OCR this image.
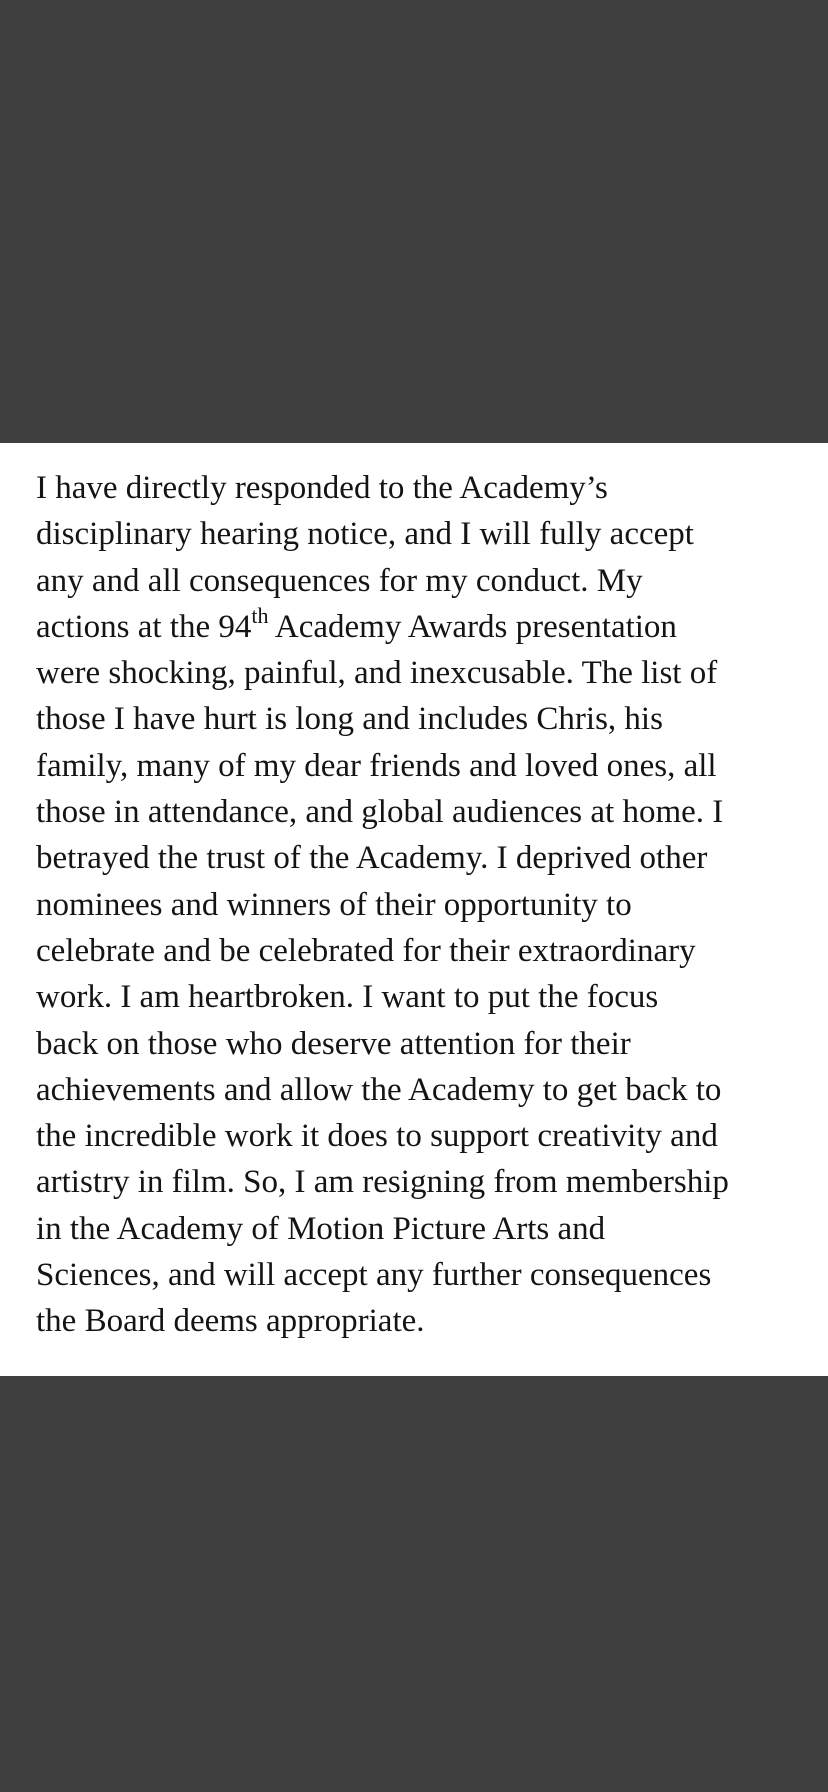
I have directly responded to the Academy’s
disciplinary hearing notice, and I will fully accept
any and all consequences for my conduct. My
actions at the 94th Academy Awards presentation
were shocking, painful, and inexcusable. The list of
those I have hurt is long and includes Chris, his
family, many of my dear friends and loved ones, all
those in attendance, and global audiences at home. I
betrayed the trust of the Academy. I deprived other
nominees and winners of their opportunity to
celebrate and be celebrated for their extraordinary
work. I am heartbroken. I want to put the focus
back on those who deserve attention for their
achievements and allow the Academy to get back to
the incredible work it does to support creativity and
artistry in film. So, I am resigning from membership
in the Academy of Motion Picture Arts and
Sciences, and will accept any further consequences
the Board deems appropriate.
